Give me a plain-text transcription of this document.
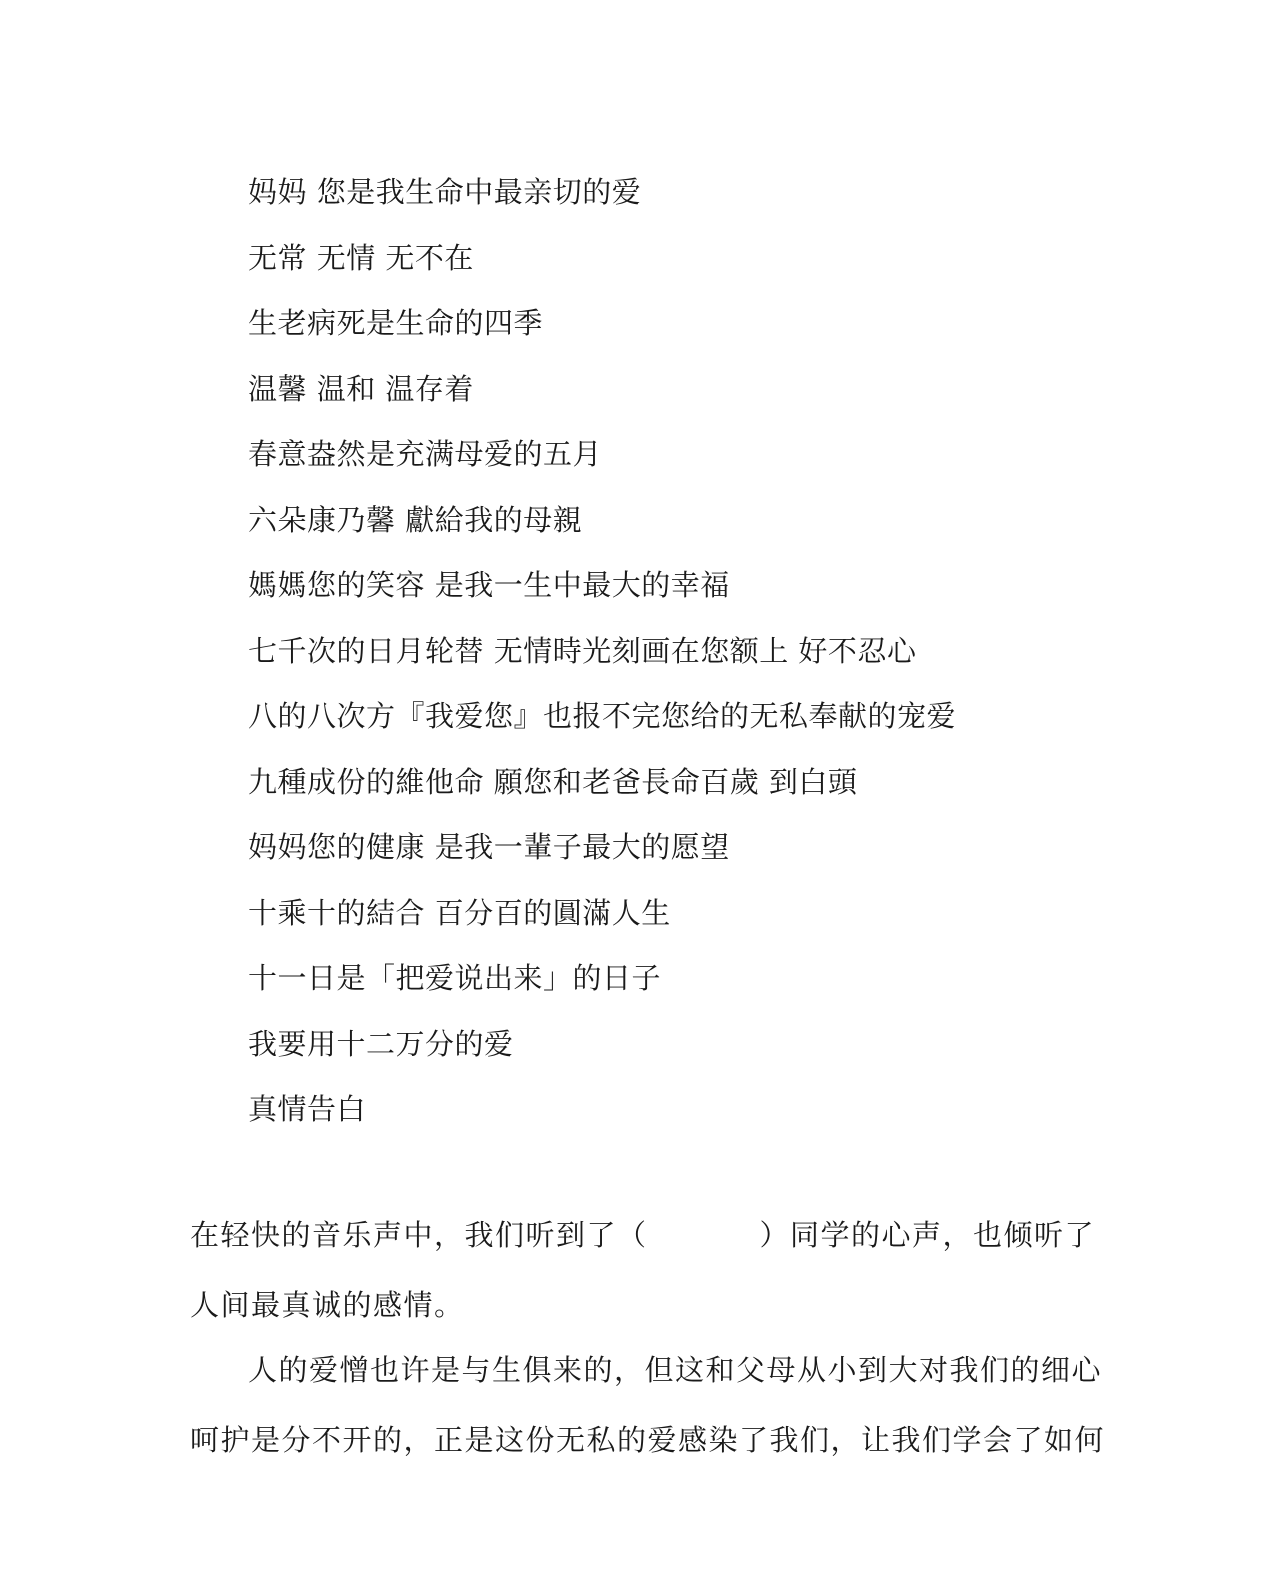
妈妈 您是我生命中最亲切的爱
无常 无情 无不在
生老病死是生命的四季
温馨 温和 温存着
春意盎然是充满母爱的五月
六朵康乃馨 獻給我的母親
媽媽您的笑容 是我一生中最大的幸福
七千次的日月轮替 无情時光刻画在您额上 好不忍心
八的八次方『我爱您』也报不完您给的无私奉献的宠爱
九種成份的維他命 願您和老爸長命百歲 到白頭
妈妈您的健康 是我一輩子最大的愿望
十乘十的結合 百分百的圓滿人生
十一日是「把爱说出来」的日子
我要用十二万分的爱
真情告白
在轻快的音乐声中，我们听到了（	）同学的心声，也倾听了
人间最真诚的感情。
人的爱憎也许是与生俱来的，但这和父母从小到大对我们的细心
呵护是分不开的，正是这份无私的爱感染了我们，让我们学会了如何
